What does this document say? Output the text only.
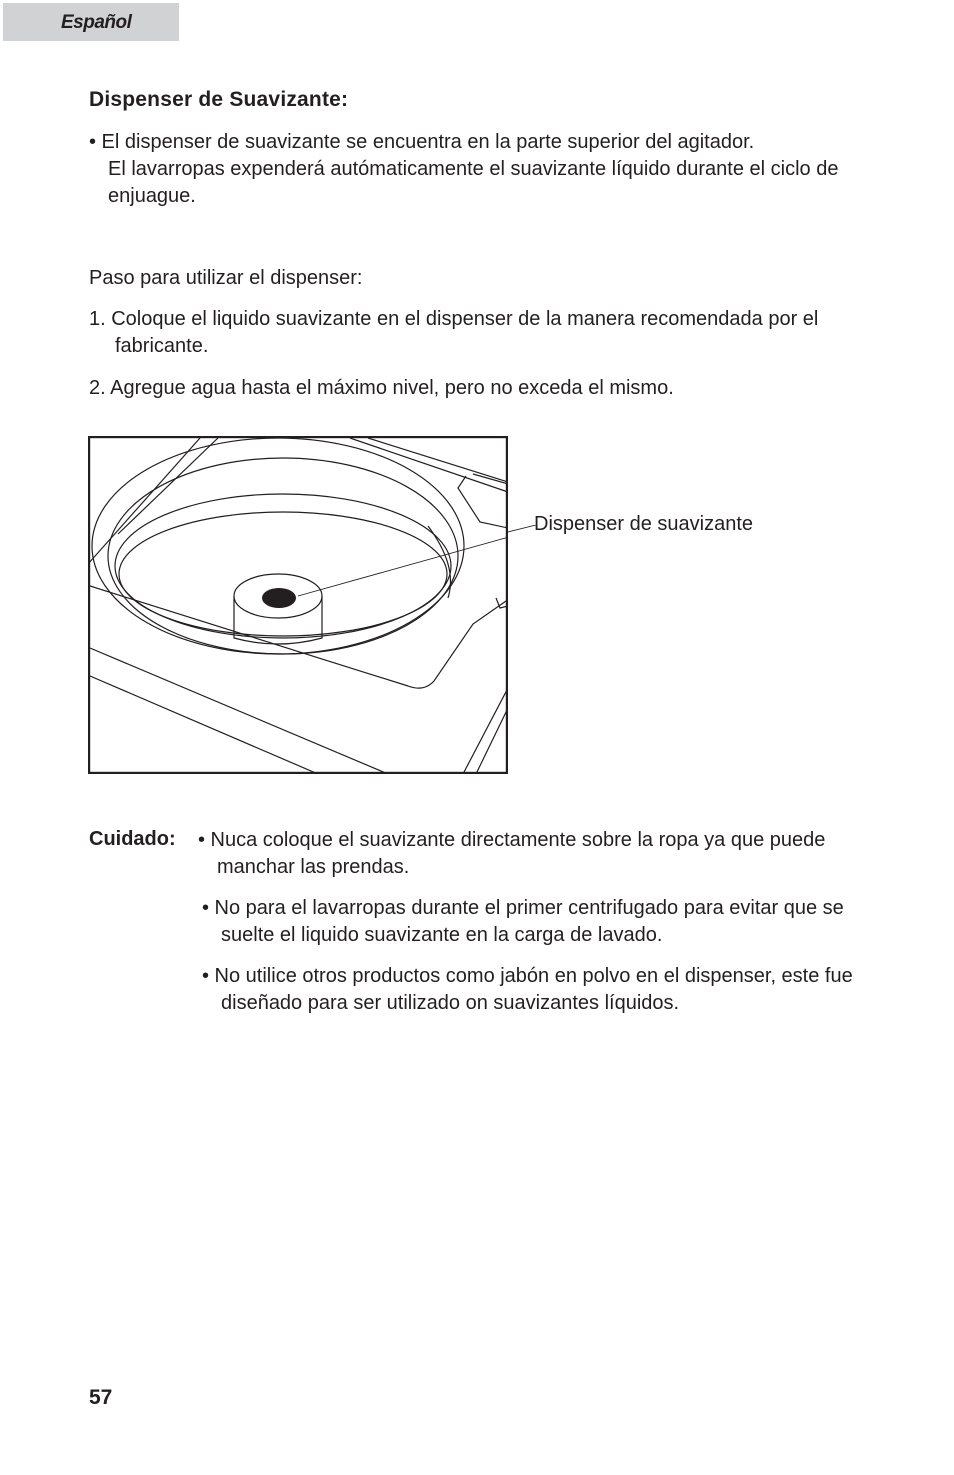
Español
Dispenser de Suavizante:

• El dispenser de suavizante se encuentra en la parte superior del agitador.

El lavarropas expenderá autómaticamente el suavizante líquido durante el ciclo de enjuague.

Paso para utilizar el dispenser:

1. Coloque el liquido suavizante en el dispenser de la manera recomendada por el fabricante.

2. Agregue agua hasta el máximo nivel, pero no exceda el mismo.

Dispenser de suavizante
Cuidado: • Nuca coloque el suavizante directamente sobre la ropa ya que puede manchar las prendas.

• No para el lavarropas durante el primer centrifugado para evitar que se suelte el liquido suavizante en la carga de lavado.

• No utilice otros productos como jabón en polvo en el dispenser, este fue diseñado para ser utilizado on suavizantes líquidos.

57
